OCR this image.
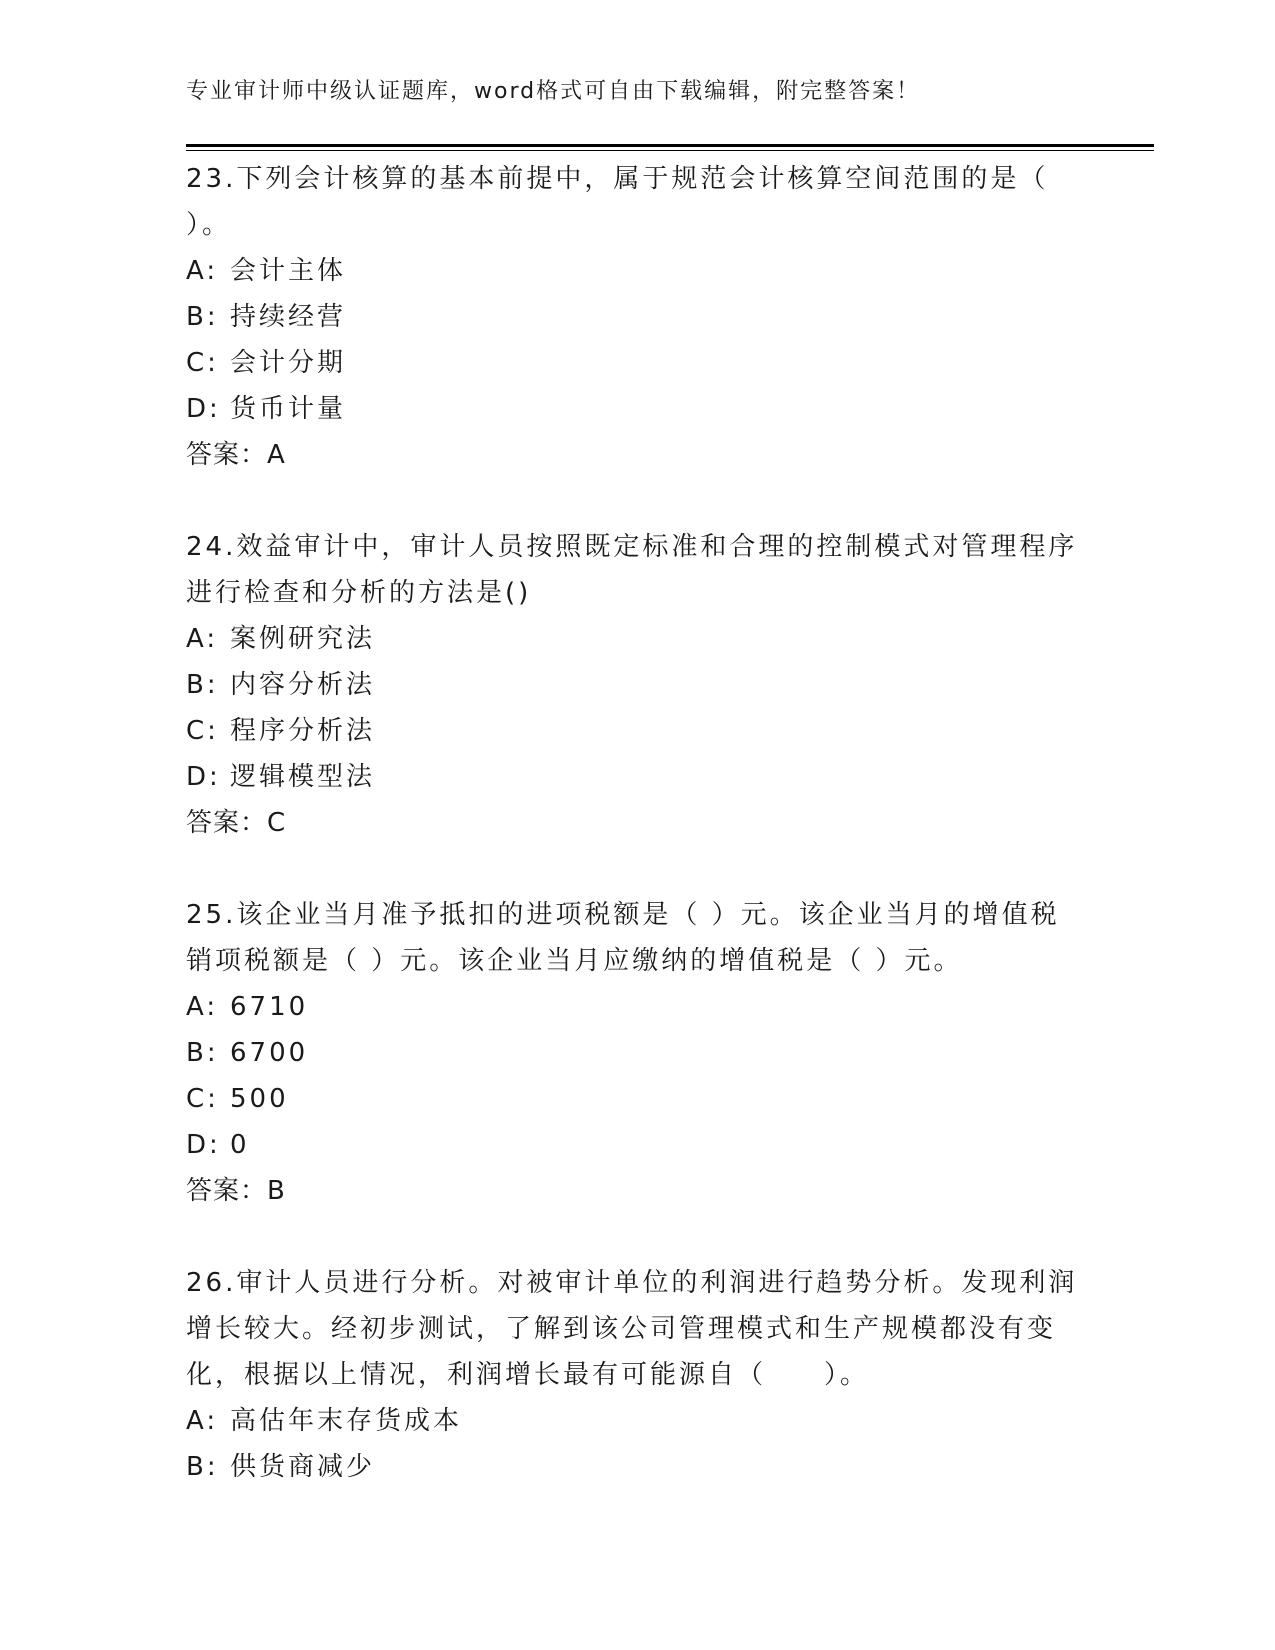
专业审计师中级认证题库，word格式可自由下载编辑，附完整答案！

23.下列会计核算的基本前提中，属于规范会计核算空间范围的是（ ）。

A: 会计主体

B: 持续经营

C: 会计分期

D: 货币计量

答案：A

24.效益审计中，审计人员按照既定标准和合理的控制模式对管理程序进行检查和分析的方法是()

A: 案例研究法

B: 内容分析法

C: 程序分析法

D: 逻辑模型法

答案：C

25.该企业当月准予抵扣的进项税额是（ ）元。该企业当月的增值税销项税额是（ ）元。该企业当月应缴纳的增值税是（ ）元。

A: 6710

B: 6700

C: 500

D: 0

答案：B

26.审计人员进行分析。对被审计单位的利润进行趋势分析。发现利润增长较大。经初步测试，了解到该公司管理模式和生产规模都没有变化，根据以上情况，利润增长最有可能源自（　　）。

A: 高估年末存货成本

B: 供货商减少
